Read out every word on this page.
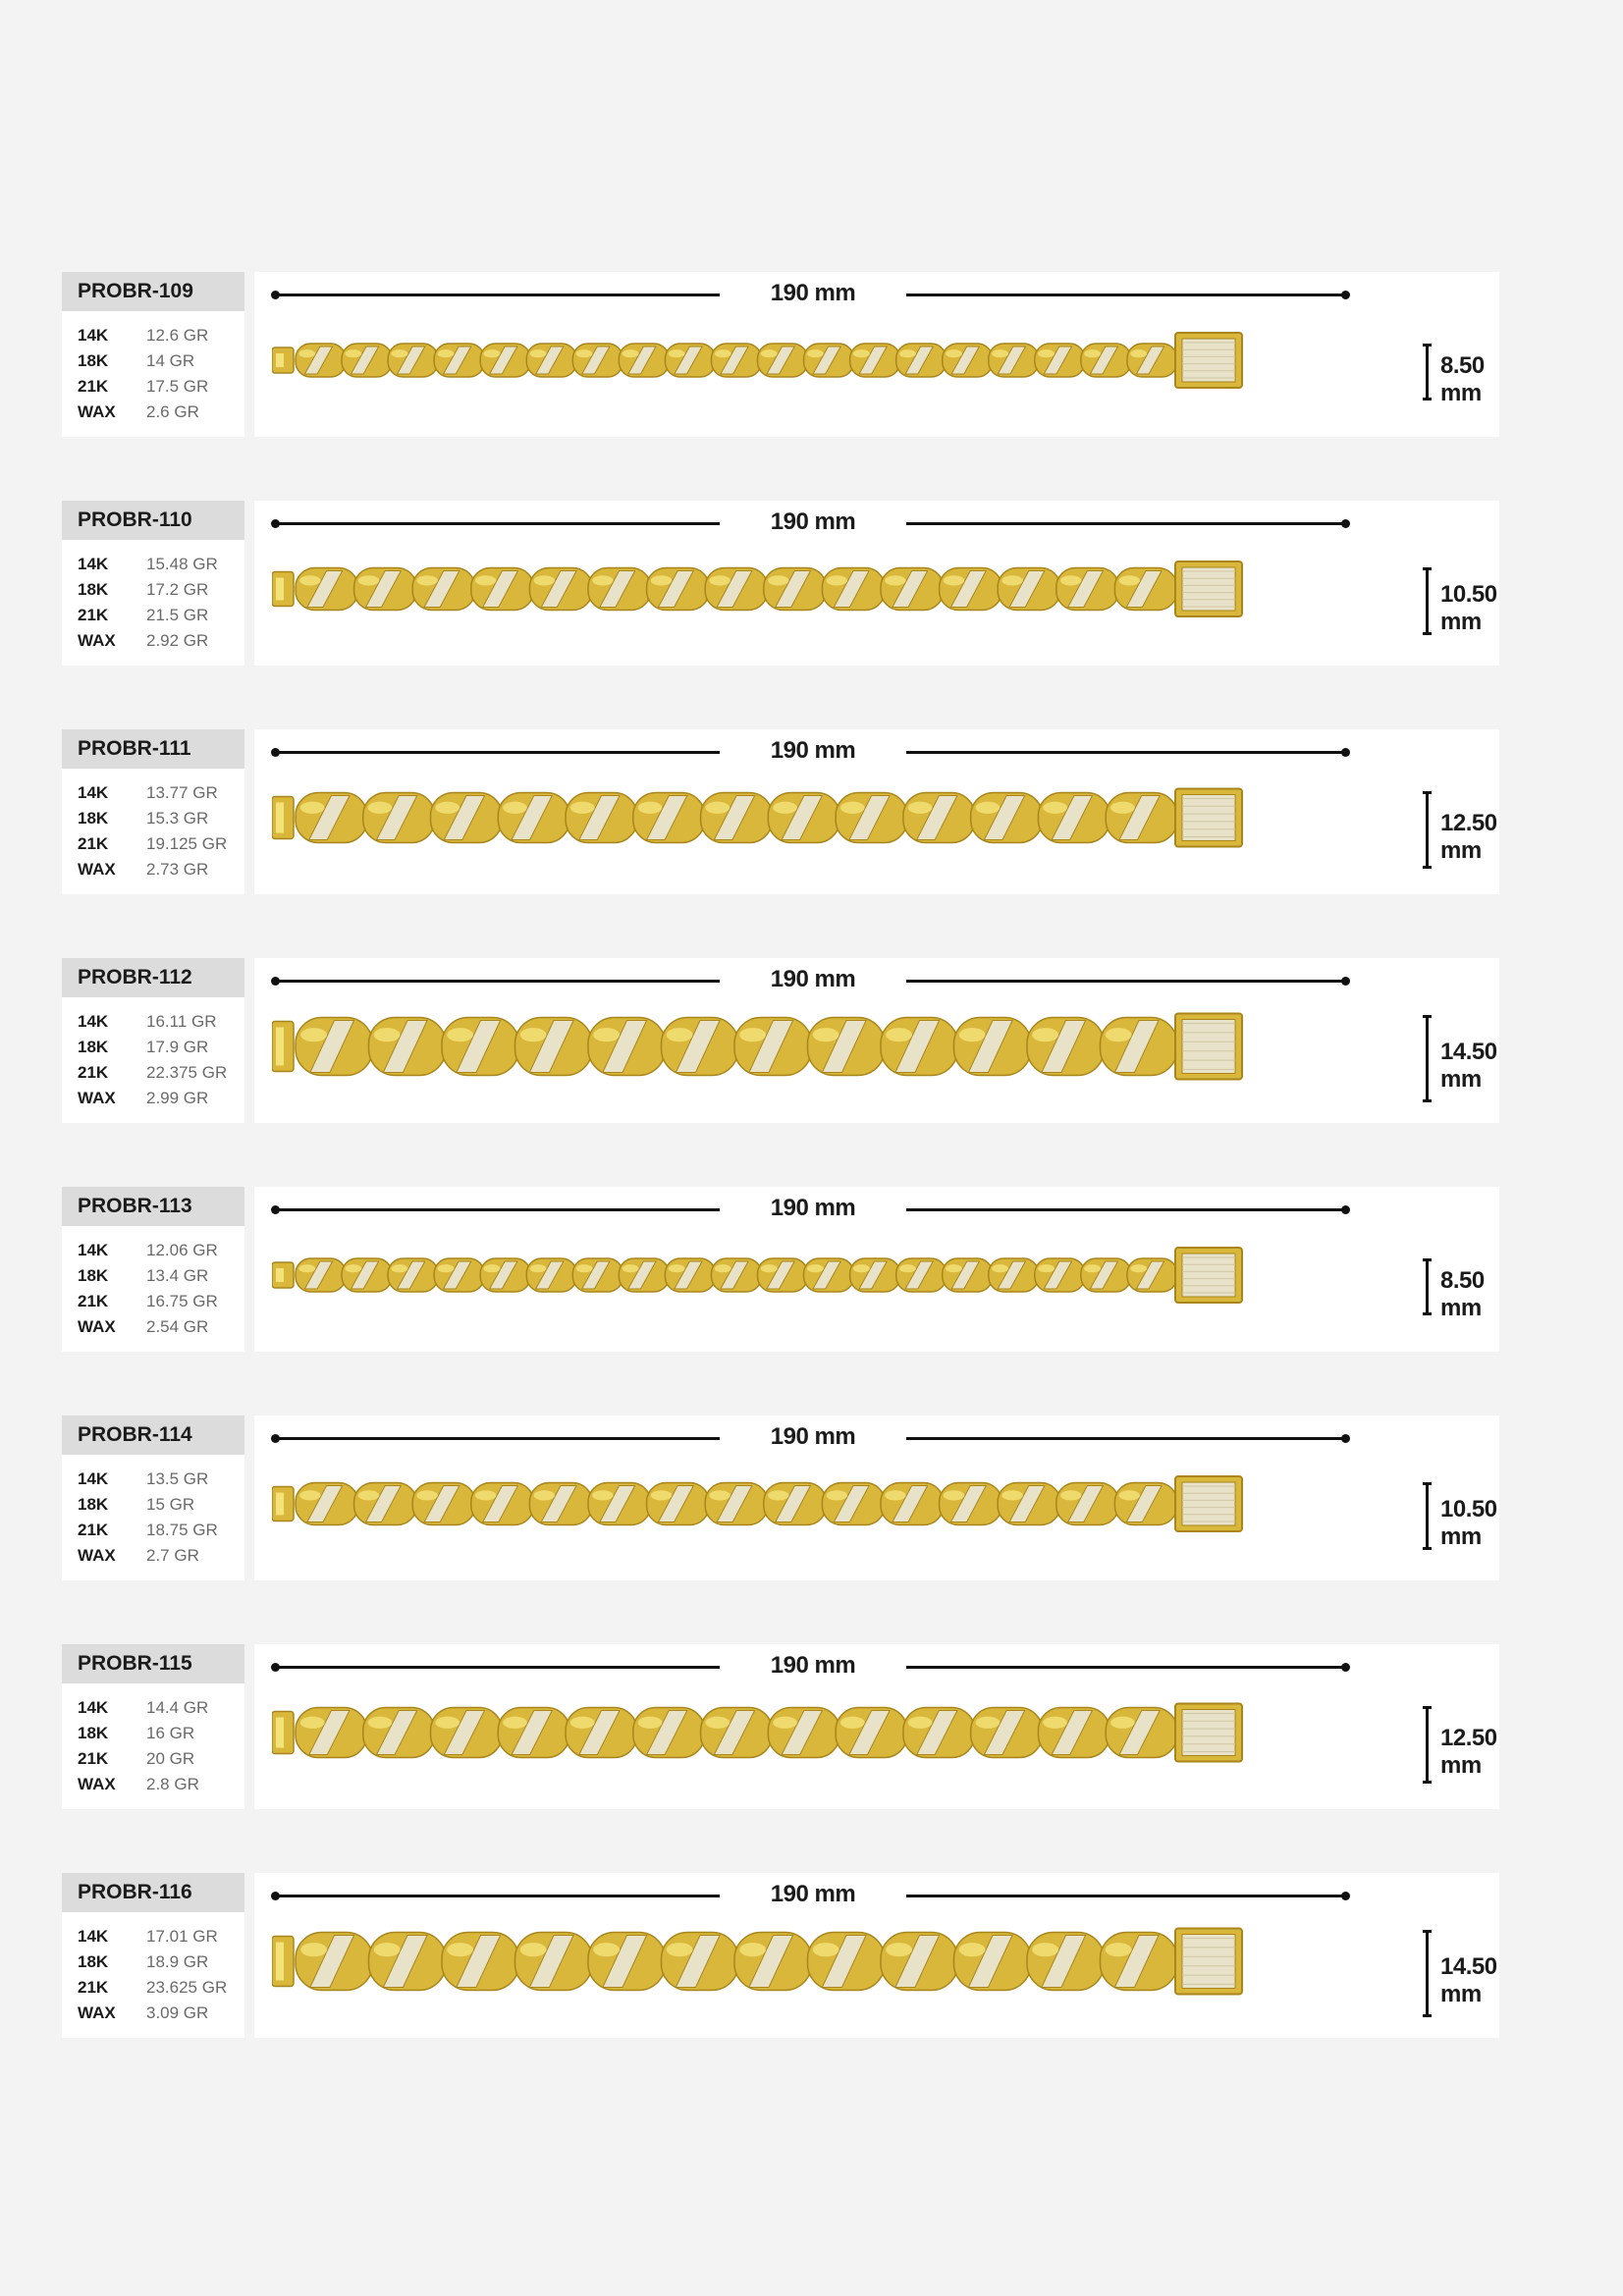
PROBR-109
14K 12.6 GR
18K 14 GR
21K 17.5 GR
WAX 2.6 GR
190 mm
8.50 mm
PROBR-110
14K 15.48 GR
18K 17.2 GR
21K 21.5 GR
WAX 2.92 GR
190 mm
10.50 mm
PROBR-111
14K 13.77 GR
18K 15.3 GR
21K 19.125 GR
WAX 2.73 GR
190 mm
12.50 mm
PROBR-112
14K 16.11 GR
18K 17.9 GR
21K 22.375 GR
WAX 2.99 GR
190 mm
14.50 mm
PROBR-113
14K 12.06 GR
18K 13.4 GR
21K 16.75 GR
WAX 2.54 GR
190 mm
8.50 mm
PROBR-114
14K 13.5 GR
18K 15 GR
21K 18.75 GR
WAX 2.7 GR
190 mm
10.50 mm
PROBR-115
14K 14.4 GR
18K 16 GR
21K 20 GR
WAX 2.8 GR
190 mm
12.50 mm
PROBR-116
14K 17.01 GR
18K 18.9 GR
21K 23.625 GR
WAX 3.09 GR
190 mm
14.50 mm
